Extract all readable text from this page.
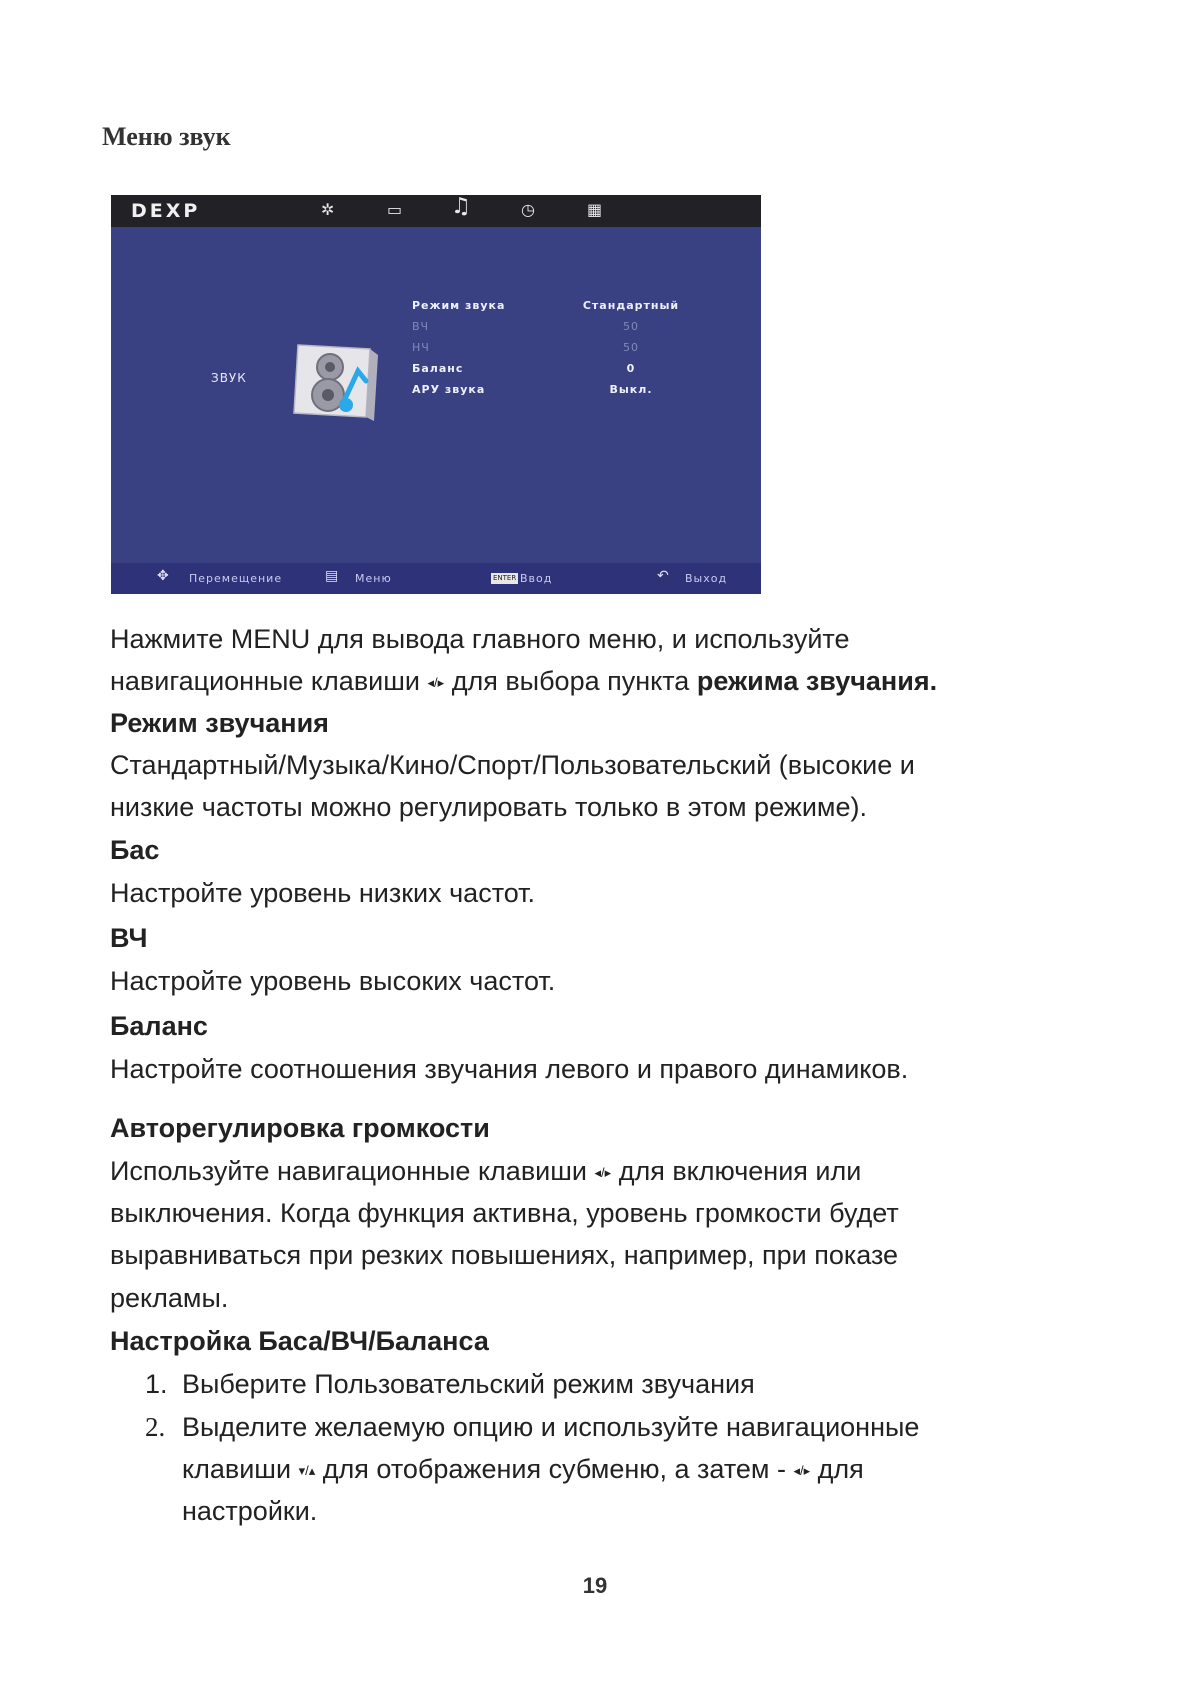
Меню звук
DEXP	✲	▭ ♫	◷	▦
ЗВУК
Режим звука	Стандартный
ВЧ	50
НЧ	50
Баланс	0
АРУ звука	Выкл.
✥ Перемещение	▤ Меню	ENTER Ввод	↶ Выход
Нажмите MENU для вывода главного меню, и используйте
навигационные клавиши ◂/▸ для выбора пункта режима звучания.
Режим звучания
Стандартный/Музыка/Кино/Спорт/Пользовательский (высокие и
низкие частоты можно регулировать только в этом режиме).
Бас
Настройте уровень низких частот.
ВЧ
Настройте уровень высоких частот.
Баланс
Настройте соотношения звучания левого и правого динамиков.
Авторегулировка громкости
Используйте навигационные клавиши ◂/▸ для включения или
выключения. Когда функция активна, уровень громкости будет
выравниваться при резких повышениях, например, при показе
рекламы.
Настройка Баса/ВЧ/Баланса
1. Выберите Пользовательский режим звучания
2. Выделите желаемую опцию и используйте навигационные
клавиши ▾/▴ для отображения субменю, а затем - ◂/▸ для
настройки.
19
